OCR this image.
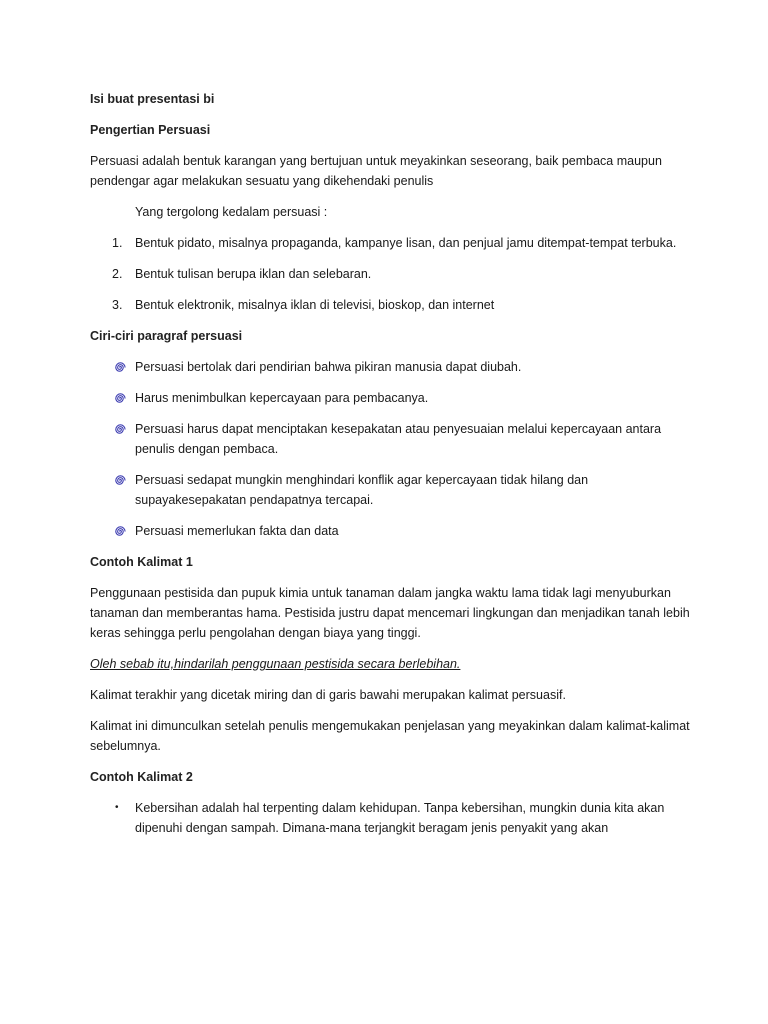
Isi buat presentasi bi

Pengertian Persuasi

Persuasi adalah bentuk karangan yang bertujuan untuk meyakinkan seseorang, baik pembaca maupun pendengar agar melakukan sesuatu yang dikehendaki penulis

Yang tergolong kedalam persuasi :

1. Bentuk pidato, misalnya propaganda, kampanye lisan, dan penjual jamu ditempat-tempat terbuka.
2. Bentuk tulisan berupa iklan dan selebaran.
3. Bentuk elektronik, misalnya iklan di televisi, bioskop, dan internet

Ciri-ciri paragraf persuasi

Persuasi bertolak dari pendirian bahwa pikiran manusia dapat diubah.
Harus menimbulkan kepercayaan para pembacanya.
Persuasi harus dapat menciptakan kesepakatan atau penyesuaian melalui kepercayaan antara penulis dengan pembaca.
Persuasi sedapat mungkin menghindari konflik agar kepercayaan tidak hilang dan supayakesepakatan pendapatnya tercapai.
Persuasi memerlukan fakta dan data

Contoh Kalimat 1

Penggunaan pestisida dan pupuk kimia untuk tanaman dalam jangka waktu lama tidak lagi menyuburkan tanaman dan memberantas hama. Pestisida justru dapat mencemari lingkungan dan menjadikan tanah lebih keras sehingga perlu pengolahan dengan biaya yang tinggi.

Oleh sebab itu,hindarilah penggunaan pestisida secara berlebihan.

Kalimat terakhir yang dicetak miring dan di garis bawahi merupakan kalimat persuasif.

Kalimat ini dimunculkan setelah penulis mengemukakan penjelasan yang meyakinkan dalam kalimat-kalimat sebelumnya.

Contoh Kalimat 2

• Kebersihan adalah hal terpenting dalam kehidupan. Tanpa kebersihan, mungkin dunia kita akan dipenuhi dengan sampah. Dimana-mana terjangkit beragam jenis penyakit yang akan
